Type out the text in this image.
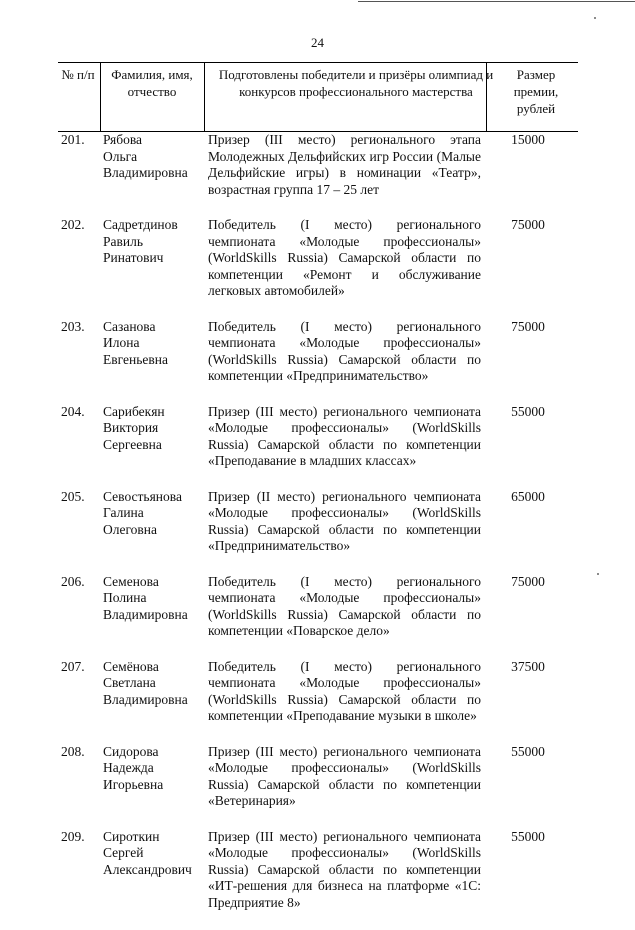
24
№ п/п	Фамилия, имя, отчество
Подготовлены победители и призёры олимпиад и конкурсов профессионального мастерства
Размер премии, рублей
201. Рябова
Ольга
Владимировна
Призер (III место) регионального этапа Молодежных Дельфийских игр России (Малые Дельфийские игры) в номинации «Театр», возрастная группа 17 – 25 лет
15000
202. Садретдинов
Равиль
Ринатович
Победитель (I место) регионального чемпионата «Молодые профессионалы» (WorldSkills Russia) Самарской области по компетенции «Ремонт и обслуживание легковых автомобилей»
75000
203. Сазанова
Илона
Евгеньевна
Победитель (I место) регионального чемпионата «Молодые профессионалы» (WorldSkills Russia) Самарской области по компетенции «Предпринимательство»
75000
204. Сарибекян
Виктория
Сергеевна
Призер (III место) регионального чемпионата «Молодые профессионалы» (WorldSkills Russia) Самарской области по компетенции «Преподавание в младших классах»
55000
205. Севостьянова
Галина
Олеговна
Призер (II место) регионального чемпионата «Молодые профессионалы» (WorldSkills Russia) Самарской области по компетенции «Предпринимательство»
65000
206. Семенова
Полина
Владимировна
Победитель (I место) регионального чемпионата «Молодые профессионалы» (WorldSkills Russia) Самарской области по компетенции «Поварское дело»
75000
207. Семёнова
Светлана
Владимировна
Победитель (I место) регионального чемпионата «Молодые профессионалы» (WorldSkills Russia) Самарской области по компетенции «Преподавание музыки в школе»
37500
208. Сидорова
Надежда
Игорьевна
Призер (III место) регионального чемпионата «Молодые профессионалы» (WorldSkills Russia) Самарской области по компетенции «Ветеринария»
55000
209. Сироткин
Сергей
Александрович
Призер (III место) регионального чемпионата «Молодые профессионалы» (WorldSkills Russia) Самарской области по компетенции «ИТ-решения для бизнеса на платформе «1С: Предприятие 8»
55000
